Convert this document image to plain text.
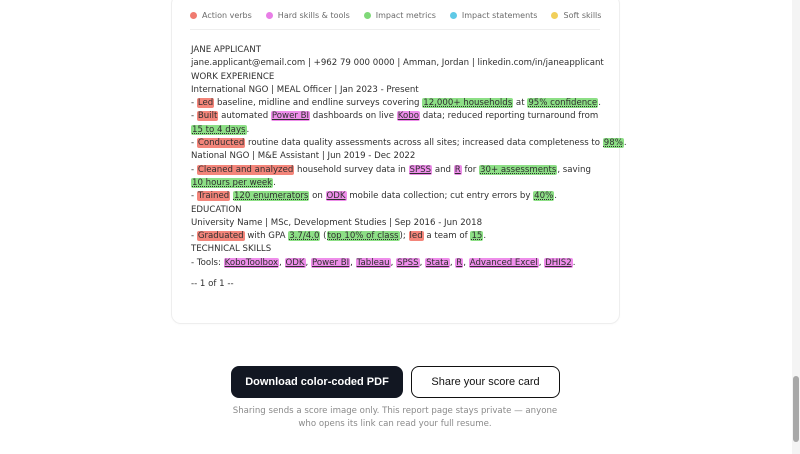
Action verbs	Hard skills & tools	Impact metrics	Impact statements	Soft skills
JANE APPLICANT
jane.applicant@email.com | +962 79 000 0000 | Amman, Jordan | linkedin.com/in/janeapplicant
WORK EXPERIENCE
International NGO | MEAL Officer | Jan 2023 - Present
- Led baseline, midline and endline surveys covering 12,000+ households at 95% confidence.
- Built automated Power BI dashboards on live Kobo data; reduced reporting turnaround from 15 to 4 days.
- Conducted routine data quality assessments across all sites; increased data completeness to 98%.
National NGO | M&E Assistant | Jun 2019 - Dec 2022
- Cleaned and analyzed household survey data in SPSS and R for 30+ assessments, saving 10 hours per week.
- Trained 120 enumerators on ODK mobile data collection; cut entry errors by 40%.
EDUCATION
University Name | MSc, Development Studies | Sep 2016 - Jun 2018
- Graduated with GPA 3.7/4.0 (top 10% of class); led a team of 15.
TECHNICAL SKILLS
- Tools: KoboToolbox, ODK, Power BI, Tableau, SPSS, Stata, R, Advanced Excel, DHIS2.
-- 1 of 1 --
Download color-coded PDF	Share your score card
Sharing sends a score image only. This report page stays private — anyone who opens its link can read your full resume.
